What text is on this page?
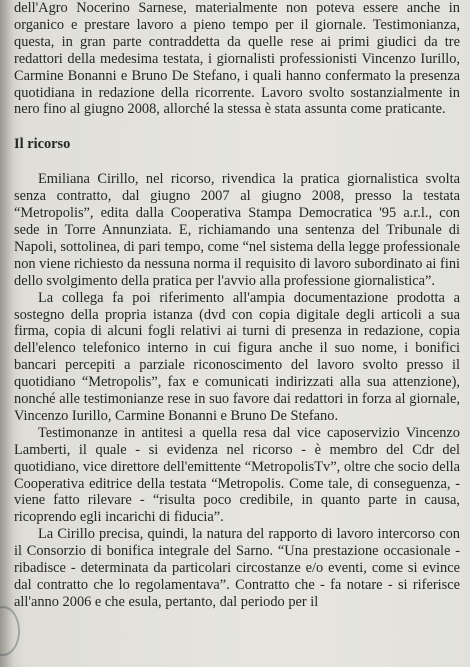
dell'Agro Nocerino Sarnese, materialmente non poteva essere anche in organico e prestare lavoro a pieno tempo per il giornale. Testimonianza, questa, in gran parte contraddetta da quelle rese ai primi giudici da tre redattori della medesima testata, i giornalisti professionisti Vincenzo Iurillo, Carmine Bonanni e Bruno De Stefano, i quali hanno confermato la presenza quotidiana in redazione della ricorrente. Lavoro svolto sostanzialmente in nero fino al giugno 2008, allorché la stessa è stata assunta come praticante.

Il ricorso

Emiliana Cirillo, nel ricorso, rivendica la pratica giornalistica svolta senza contratto, dal giugno 2007 al giugno 2008, presso la testata “Metropolis”, edita dalla Cooperativa Stampa Democratica '95 a.r.l., con sede in Torre Annunziata. E, richiamando una sentenza del Tribunale di Napoli, sottolinea, di pari tempo, come “nel sistema della legge professionale non viene richiesto da nessuna norma il requisito di lavoro subordinato ai fini dello svolgimento della pratica per l'avvio alla professione giornalistica”.

La collega fa poi riferimento all'ampia documentazione prodotta a sostegno della propria istanza (dvd con copia digitale degli articoli a sua firma, copia di alcuni fogli relativi ai turni di presenza in redazione, copia dell'elenco telefonico interno in cui figura anche il suo nome, i bonifici bancari percepiti a parziale riconoscimento del lavoro svolto presso il quotidiano “Metropolis”, fax e comunicati indirizzati alla sua attenzione), nonché alle testimonianze rese in suo favore dai redattori in forza al giornale, Vincenzo Iurillo, Carmine Bonanni e Bruno De Stefano.

Testimonanze in antitesi a quella resa dal vice caposervizio Vincenzo Lamberti, il quale - si evidenza nel ricorso - è membro del Cdr del quotidiano, vice direttore dell'emittente “MetropolisTv”, oltre che socio della Cooperativa editrice della testata “Metropolis. Come tale, di conseguenza, - viene fatto rilevare - “risulta poco credibile, in quanto parte in causa, ricoprendo egli incarichi di fiducia”.

La Cirillo precisa, quindi, la natura del rapporto di lavoro intercorso con il Consorzio di bonifica integrale del Sarno. “Una prestazione occasionale - ribadisce - determinata da particolari circostanze e/o eventi, come si evince dal contratto che lo regolamentava”. Contratto che - fa notare - si riferisce all'anno 2006 e che esula, pertanto, dal periodo per il
